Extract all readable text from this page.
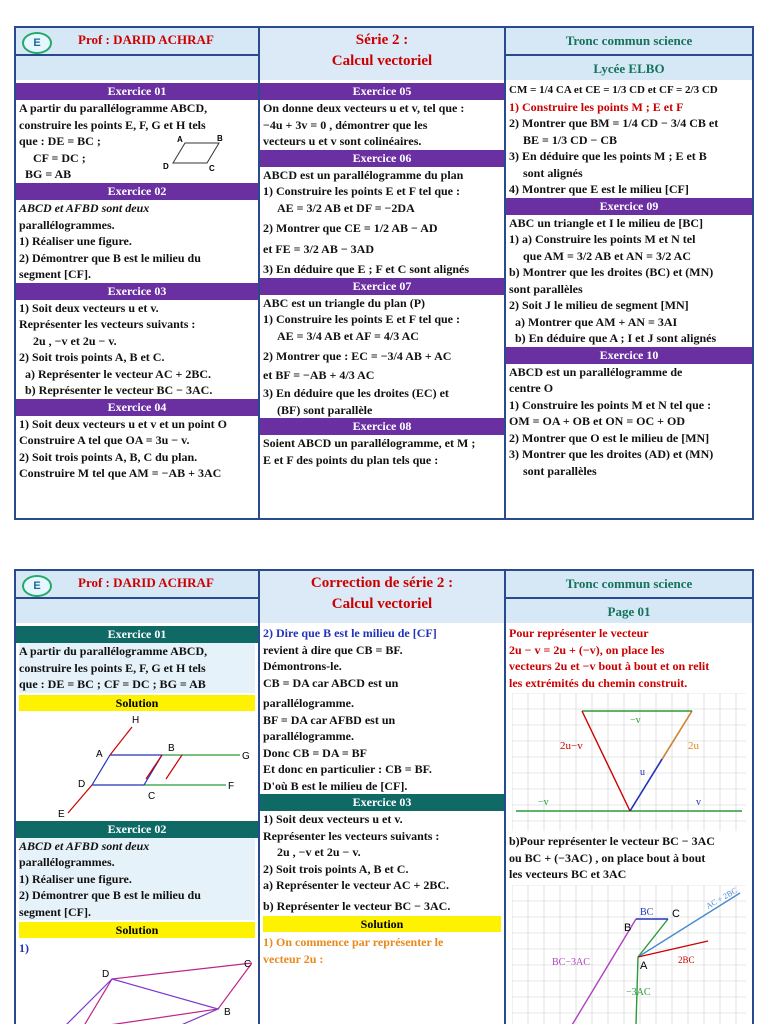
E	Prof : DARID ACHRAF	Série 2 :
Calcul vectoriel
Tronc commun science
Lycée ELBO
Exercice 01
A partir du parallélogramme ABCD,
construire les points E, F, G et H tels
que : DE = BC ;
CF = DC ;
BG = AB
A	B
D	C
Exercice 02
ABCD et AFBD sont deux
parallélogrammes.
1) Réaliser une figure.
2) Démontrer que B est le milieu du
segment [CF].
Exercice 03
1) Soit deux vecteurs u et v.
Représenter les vecteurs suivants :
2u , −v et 2u − v.
2) Soit trois points A, B et C.
a) Représenter le vecteur AC + 2BC.
b) Représenter le vecteur BC − 3AC.
Exercice 04
1) Soit deux vecteurs u et v et un point O
Construire A tel que OA = 3u − v.
2) Soit trois points A, B, C du plan.
Construire M tel que AM = −AB + 3AC
Exercice 05
On donne deux vecteurs u et v, tel que :
−4u + 3v = 0 , démontrer que les
vecteurs u et v sont colinéaires.
Exercice 06
ABCD est un parallélogramme du plan
1) Construire les points E et F tel que :
AE = 3/2 AB et DF = −2DA
2) Montrer que CE = 1/2 AB − AD
et FE = 3/2 AB − 3AD
3) En déduire que E ; F et C sont alignés
Exercice 07
ABC est un triangle du plan (P)
1) Construire les points E et F tel que :
AE = 3/4 AB et AF = 4/3 AC
2) Montrer que : EC = −3/4 AB + AC
et BF = −AB + 4/3 AC
3) En déduire que les droites (EC) et
(BF) sont parallèle
Exercice 08
Soient ABCD un parallélogramme, et M ;
E et F des points du plan tels que :
CM = 1/4 CA et CE = 1/3 CD et CF = 2/3 CD
1) Construire les points M ; E et F
2) Montrer que BM = 1/4 CD − 3/4 CB et
BE = 1/3 CD − CB
3) En déduire que les points M ; E et B
sont alignés
4) Montrer que E est le milieu [CF]
Exercice 09
ABC un triangle et I le milieu de [BC]
1) a) Construire les points M et N tel
que AM = 3/2 AB et AN = 3/2 AC
b) Montrer que les droites (BC) et (MN)
sont parallèles
2) Soit J le milieu de segment [MN]
a) Montrer que AM + AN = 3AI
b) En déduire que A ; I et J sont alignés
Exercice 10
ABCD est un parallélogramme de
centre O
1) Construire les points M et N tel que :
OM = OA + OB et ON = OC + OD
2) Montrer que O est le milieu de [MN]
3) Montrer que les droites (AD) et (MN)
sont parallèles
E	Prof : DARID ACHRAF	Correction de série 2 :
Calcul vectoriel
Tronc commun science
Page 01
Exercice 01
A partir du parallélogramme ABCD,
construire les points E, F, G et H tels
que : DE = BC ; CF = DC ; BG = AB
Solution
H
A
B
G
D
C
F
E
Exercice 02
ABCD et AFBD sont deux
parallélogrammes.
1) Réaliser une figure.
2) Démontrer que B est le milieu du
segment [CF].
Solution
1)
D
C
B
2) Dire que B est le milieu de [CF]
revient à dire que CB = BF.
Démontrons-le.
CB = DA car ABCD est un
parallélogramme.
BF = DA car AFBD est un
parallélogramme.
Donc CB = DA = BF
Et donc en particulier : CB = BF.
D'où B est le milieu de [CF].
Exercice 03
1) Soit deux vecteurs u et v.
Représenter les vecteurs suivants :
2u , −v et 2u − v.
2) Soit trois points A, B et C.
a) Représenter le vecteur AC + 2BC.
b) Représenter le vecteur BC − 3AC.
Solution
1) On commence par représenter le
vecteur 2u :
Pour représenter le vecteur
2u − v = 2u + (−v), on place les
vecteurs 2u et −v bout à bout et on relit
les extrémités du chemin construit.
−v
2u−v	2u
u
−v	v
b)Pour représenter le vecteur BC − 3AC
ou BC + (−3AC) , on place bout à bout
les vecteurs BC et 3AC
BC C
AC + 2BC
B
BC−3AC	A	2BC
−3AC
